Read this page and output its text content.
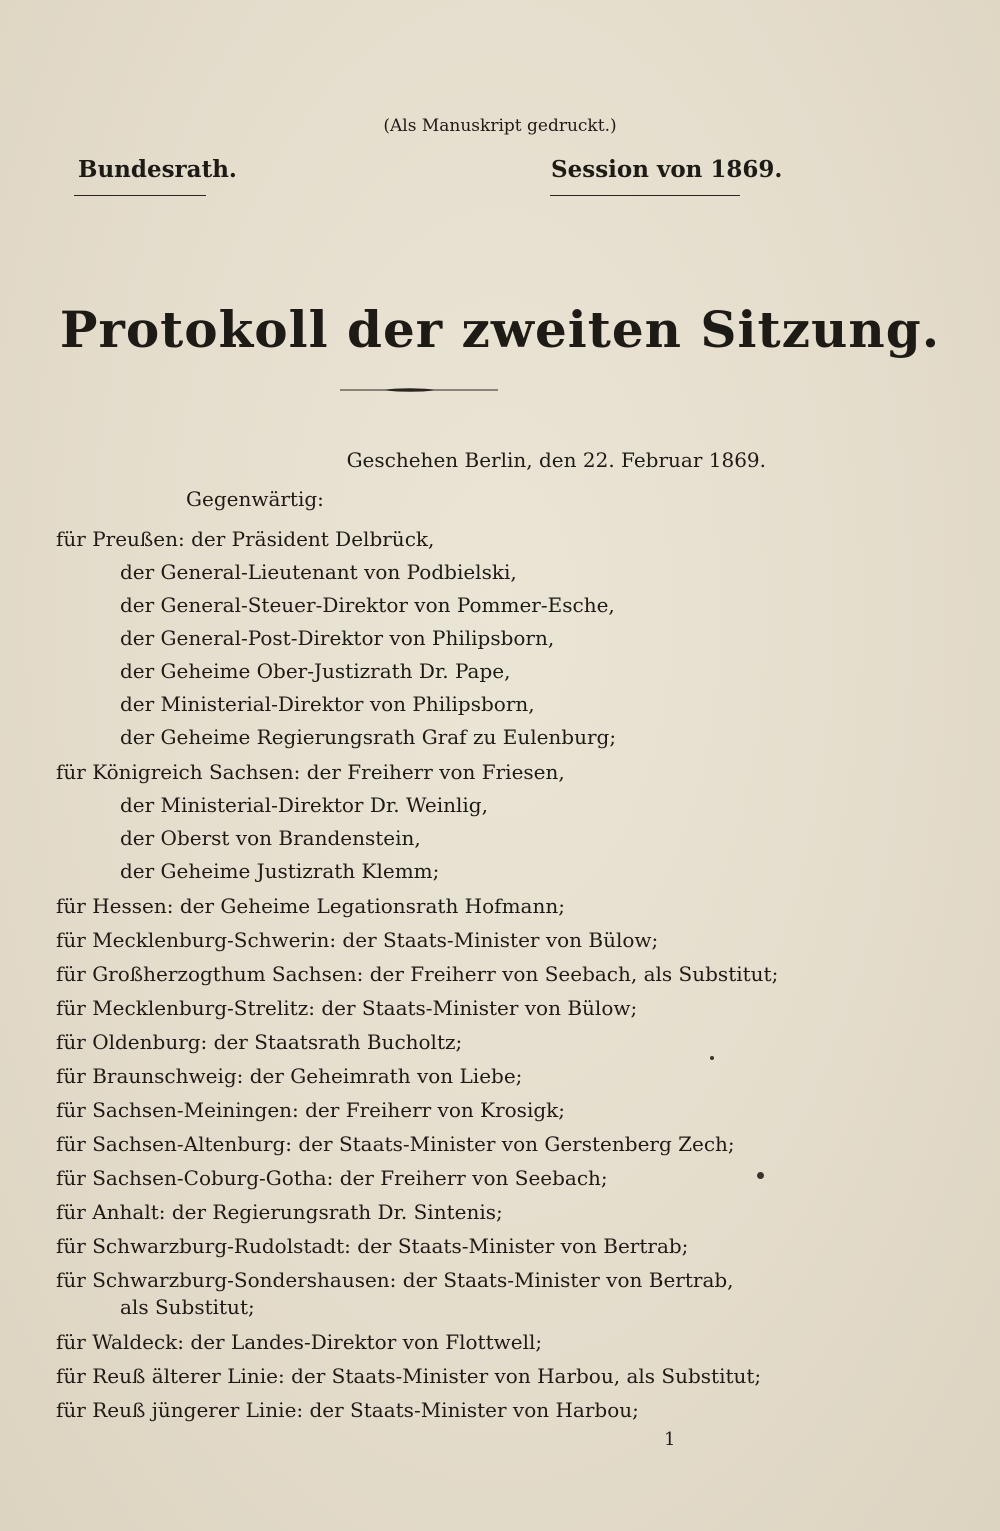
(Als Manuskript gedruckt.)
Bundesrath.	Session von 1869.
Protokoll der zweiten Sitzung.
Geschehen Berlin, den 22. Februar 1869.
Gegenwärtig:
für Preußen: der Präsident Delbrück,
der General-Lieutenant von Podbielski,
der General-Steuer-Direktor von Pommer-Esche,
der General-Post-Direktor von Philipsborn,
der Geheime Ober-Justizrath Dr. Pape,
der Ministerial-Direktor von Philipsborn,
der Geheime Regierungsrath Graf zu Eulenburg;
für Königreich Sachsen: der Freiherr von Friesen,
der Ministerial-Direktor Dr. Weinlig,
der Oberst von Brandenstein,
der Geheime Justizrath Klemm;
für Hessen: der Geheime Legationsrath Hofmann;
für Mecklenburg-Schwerin: der Staats-Minister von Bülow;
für Großherzogthum Sachsen: der Freiherr von Seebach, als Substitut;
für Mecklenburg-Strelitz: der Staats-Minister von Bülow;
für Oldenburg: der Staatsrath Bucholtz;
für Braunschweig: der Geheimrath von Liebe;
für Sachsen-Meiningen: der Freiherr von Krosigk;
für Sachsen-Altenburg: der Staats-Minister von Gerstenberg Zech;
für Sachsen-Coburg-Gotha: der Freiherr von Seebach;
für Anhalt: der Regierungsrath Dr. Sintenis;
für Schwarzburg-Rudolstadt: der Staats-Minister von Bertrab;
für Schwarzburg-Sondershausen: der Staats-Minister von Bertrab,
als Substitut;
für Waldeck: der Landes-Direktor von Flottwell;
für Reuß älterer Linie: der Staats-Minister von Harbou, als Substitut;
für Reuß jüngerer Linie: der Staats-Minister von Harbou;
1
